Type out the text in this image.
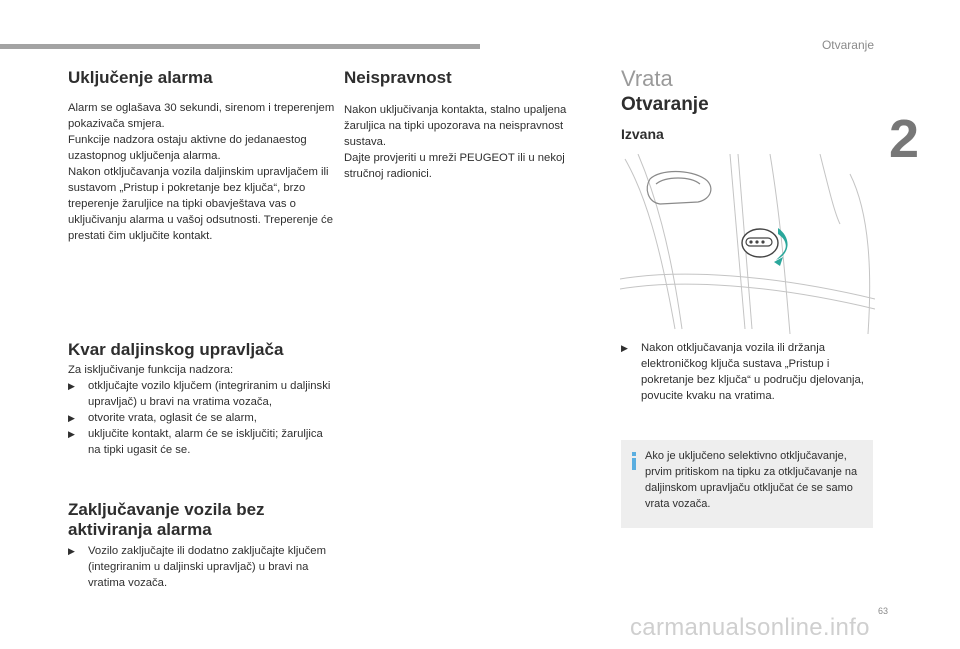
Otvaranje
2
63
carmanualsonline.info
Uključenje alarma

Alarm se oglašava 30 sekundi, sirenom i treperenjem pokazivača smjera.

Funkcije nadzora ostaju aktivne do jedanaestog uzastopnog uključenja alarma.

Nakon otključavanja vozila daljinskim upravljačem ili sustavom „Pristup i pokretanje bez ključa“, brzo treperenje žaruljice na tipki obavještava vas o uključivanju alarma u vašoj odsutnosti. Treperenje će prestati čim uključite kontakt.

Kvar daljinskog upravljača

Za isključivanje funkcija nadzora:

▶ otključajte vozilo ključem (integriranim u daljinski upravljač) u bravi na vratima vozača,
▶ otvorite vrata, oglasit će se alarm,
▶ uključite kontakt, alarm će se isključiti; žaruljica na tipki ugasit će se.
Zaključavanje vozila bez aktiviranja alarma
▶ Vozilo zaključajte ili dodatno zaključajte ključem (integriranim u daljinski upravljač) u bravi na vratima vozača.
Neispravnost

Nakon uključivanja kontakta, stalno upaljena žaruljica na tipki upozorava na neispravnost sustava.

Dajte provjeriti u mreži PEUGEOT ili u nekoj stručnoj radionici.

Vrata
Otvaranje
Izvana
▶ Nakon otključavanja vozila ili držanja elektroničkog ključa sustava „Pristup i pokretanje bez ključa“ u području djelovanja, povucite kvaku na vratima.
Ako je uključeno selektivno otključavanje, prvim pritiskom na tipku za otključavanje na daljinskom upravljaču otključat će se samo vrata vozača.
